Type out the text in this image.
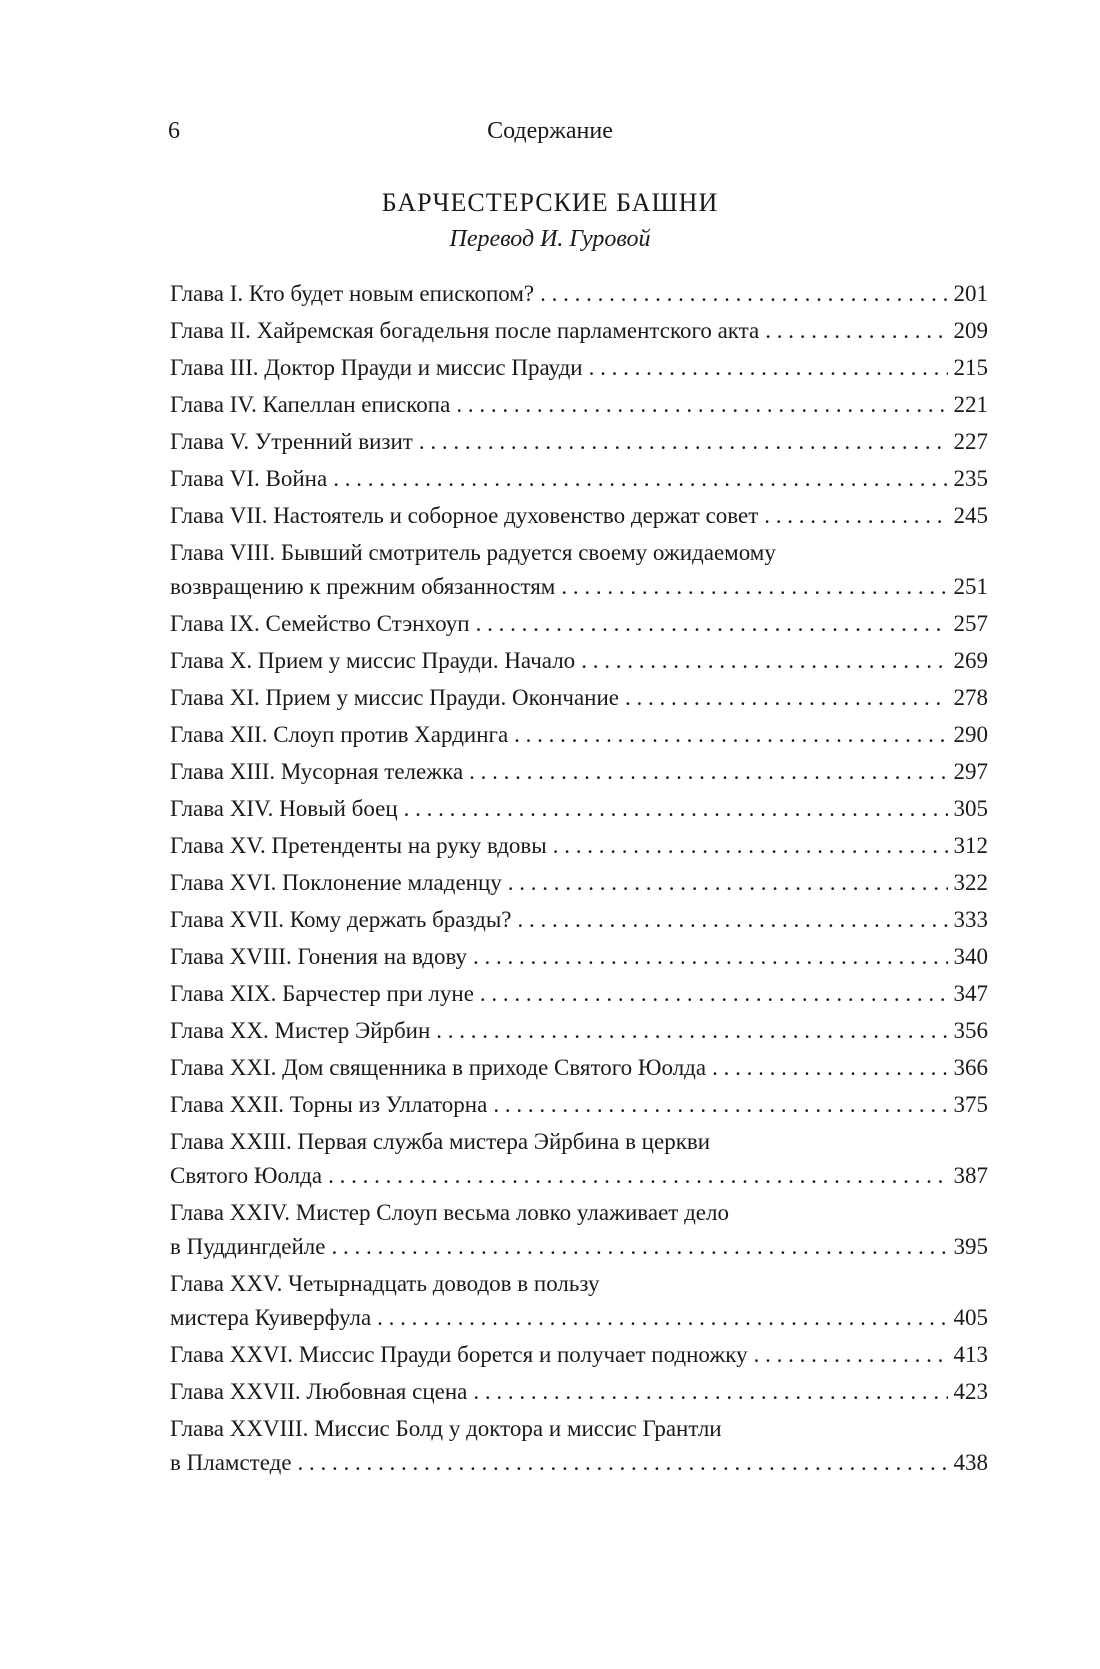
6	Содержание
БАРЧЕСТЕРСКИЕ БАШНИ
Перевод И. Гуровой
Глава I. Кто будет новым епископом? . . .	201
Глава II. Хайремская богадельня после парламентского акта . . .	209
Глава III. Доктор Прауди и миссис Прауди . . .	215
Глава IV. Капеллан епископа . . .	221
Глава V. Утренний визит . . .	227
Глава VI. Война . . .	235
Глава VII. Настоятель и соборное духовенство держат совет . . .	245
Глава VIII. Бывший смотритель радуется своему ожидаемому
возвращению к прежним обязанностям . . .	251
Глава IX. Семейство Стэнхоуп . . .	257
Глава X. Прием у миссис Прауди. Начало . . .	269
Глава XI. Прием у миссис Прауди. Окончание . . .	278
Глава XII. Слоуп против Хардинга . . .	290
Глава XIII. Мусорная тележка . . .	297
Глава XIV. Новый боец . . .	305
Глава XV. Претенденты на руку вдовы . . .	312
Глава XVI. Поклонение младенцу . . .	322
Глава XVII. Кому держать бразды? . . .	333
Глава XVIII. Гонения на вдову . . .	340
Глава XIX. Барчестер при луне . . .	347
Глава XX. Мистер Эйрбин . . .	356
Глава XXI. Дом священника в приходе Святого Юолда . . .	366
Глава XXII. Торны из Уллаторна . . .	375
Глава XXIII. Первая служба мистера Эйрбина в церкви
Святого Юолда . . .	387
Глава XXIV. Мистер Слоуп весьма ловко улаживает дело
в Пуддингдейле . . .	395
Глава XXV. Четырнадцать доводов в пользу
мистера Куиверфула . . .	405
Глава XXVI. Миссис Прауди борется и получает подножку . . .	413
Глава XXVII. Любовная сцена . . .	423
Глава XXVIII. Миссис Болд у доктора и миссис Грантли
в Пламстеде . . .	438
